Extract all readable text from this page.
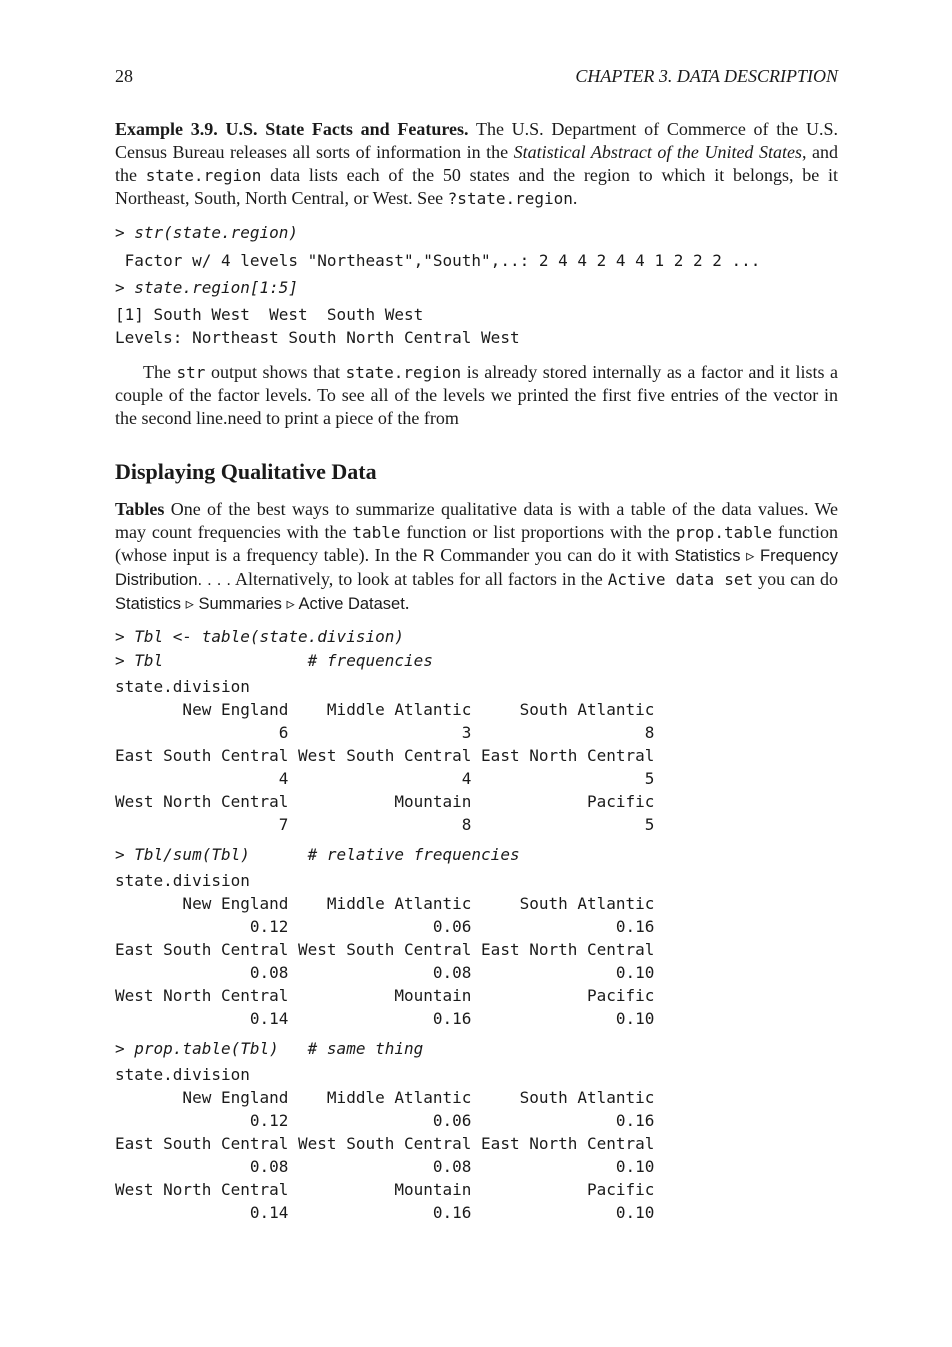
28	CHAPTER 3. DATA DESCRIPTION

Example 3.9. U.S. State Facts and Features. The U.S. Department of Commerce of the U.S. Census Bureau releases all sorts of information in the Statistical Abstract of the United States, and the state.region data lists each of the 50 states and the region to which it belongs, be it Northeast, South, North Central, or West. See ?state.region.

> str(state.region)
Factor w/ 4 levels "Northeast","South",..: 2 4 4 2 4 4 1 2 2 2 ...
> state.region[1:5]
[1] South West  West  South West
Levels: Northeast South North Central West

The str output shows that state.region is already stored internally as a factor and it lists a couple of the factor levels. To see all of the levels we printed the first five entries of the vector in the second line.need to print a piece of the from

Displaying Qualitative Data

Tables One of the best ways to summarize qualitative data is with a table of the data values. We may count frequencies with the table function or list proportions with the prop.table function (whose input is a frequency table). In the R Commander you can do it with Statistics ▹ Frequency Distribution. . . . Alternatively, to look at tables for all factors in the Active data set you can do Statistics ▹ Summaries ▹ Active Dataset.

> Tbl <- table(state.division)
> Tbl               # frequencies
state.division
New England    Middle Atlantic     South Atlantic
6                  3                  8
East South Central West South Central East North Central
4                  4                  5
West North Central           Mountain            Pacific
7                  8                  5
> Tbl/sum(Tbl)      # relative frequencies
state.division
New England    Middle Atlantic     South Atlantic
0.12               0.06               0.16
East South Central West South Central East North Central
0.08               0.08               0.10
West North Central           Mountain            Pacific
0.14               0.16               0.10
> prop.table(Tbl)   # same thing
state.division
New England    Middle Atlantic     South Atlantic
0.12               0.06               0.16
East South Central West South Central East North Central
0.08               0.08               0.10
West North Central           Mountain            Pacific
0.14               0.16               0.10
